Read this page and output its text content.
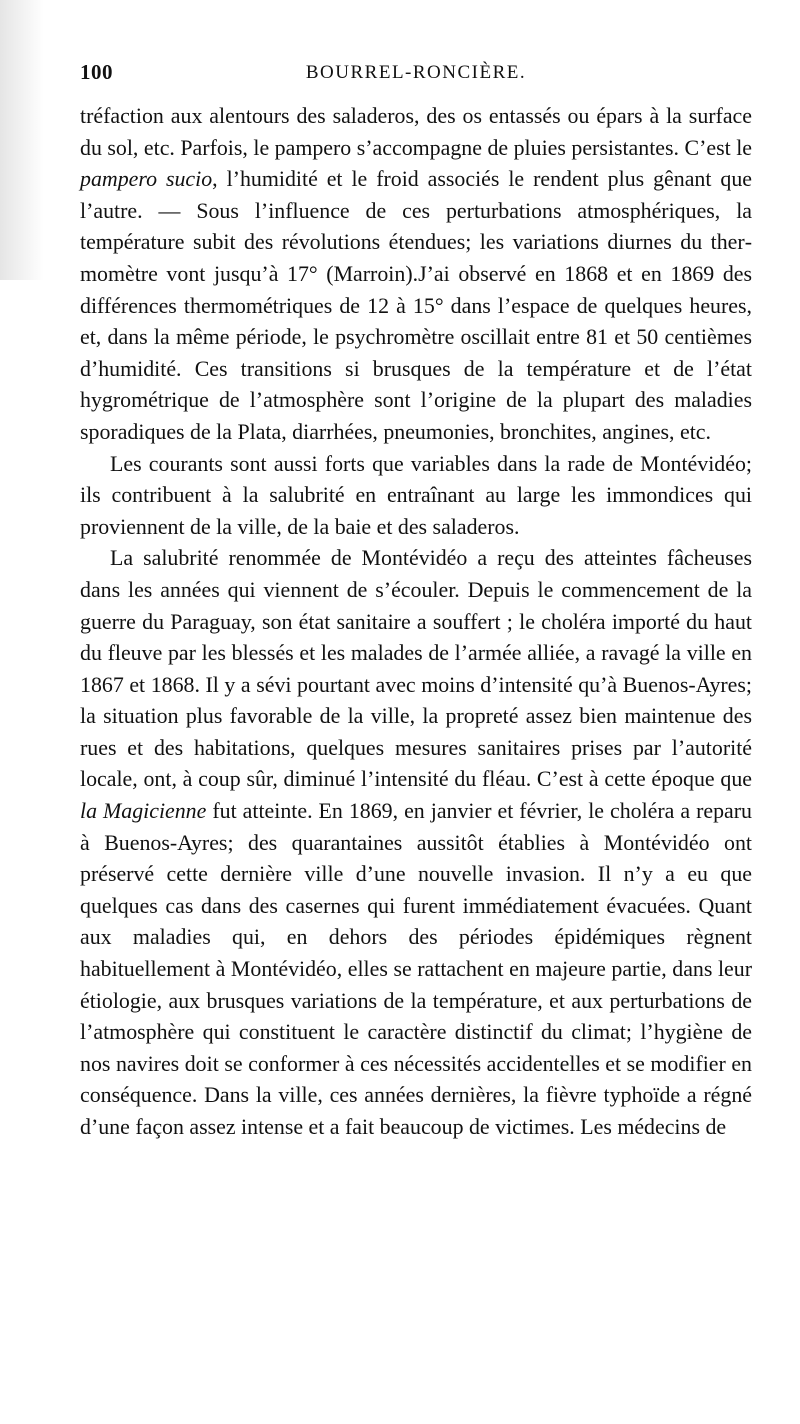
100	BOURREL-RONCIÈRE.

tréfaction aux alentours des saladeros, des os entassés ou épars à la surface du sol, etc. Parfois, le pampero s’accompagne de pluies persistantes. C’est le pampero sucio, l’humidité et le froid associés le rendent plus gênant que l’autre. — Sous l’influence de ces perturbations atmosphériques, la température subit des révolutions étendues; les variations diurnes du thermomètre vont jusqu’à 17° (Marroin).J’ai observé en 1868 et en 1869 des différences thermométriques de 12 à 15° dans l’espace de quelques heures, et, dans la même période, le psychromètre oscillait entre 81 et 50 centièmes d’humidité. Ces transitions si brusques de la température et de l’état hygrométrique de l’atmosphère sont l’origine de la plupart des maladies sporadiques de la Plata, diarrhées, pneumonies, bronchites, angines, etc.

Les courants sont aussi forts que variables dans la rade de Montévidéo; ils contribuent à la salubrité en entraînant au large les immondices qui proviennent de la ville, de la baie et des saladeros.

La salubrité renommée de Montévidéo a reçu des atteintes fâcheuses dans les années qui viennent de s’écouler. Depuis le commencement de la guerre du Paraguay, son état sanitaire a souffert ; le choléra importé du haut du fleuve par les blessés et les malades de l’armée alliée, a ravagé la ville en 1867 et 1868. Il y a sévi pourtant avec moins d’intensité qu’à Buenos-Ayres; la situation plus favorable de la ville, la propreté assez bien maintenue des rues et des habitations, quelques mesures sanitaires prises par l’autorité locale, ont, à coup sûr, diminué l’intensité du fléau. C’est à cette époque que la Magicienne fut atteinte. En 1869, en janvier et février, le choléra a reparu à Buenos-Ayres; des quarantaines aussitôt établies à Montévidéo ont préservé cette dernière ville d’une nouvelle invasion. Il n’y a eu que quelques cas dans des casernes qui furent immédiatement évacuées. Quant aux maladies qui, en dehors des périodes épidémiques règnent habituellement à Montévidéo, elles se rattachent en majeure partie, dans leur étiologie, aux brusques variations de la température, et aux perturbations de l’atmosphère qui constituent le caractère distinctif du climat; l’hygiène de nos navires doit se conformer à ces nécessités accidentelles et se modifier en conséquence. Dans la ville, ces années dernières, la fièvre typhoïde a régné d’une façon assez intense et a fait beaucoup de victimes. Les médecins de
